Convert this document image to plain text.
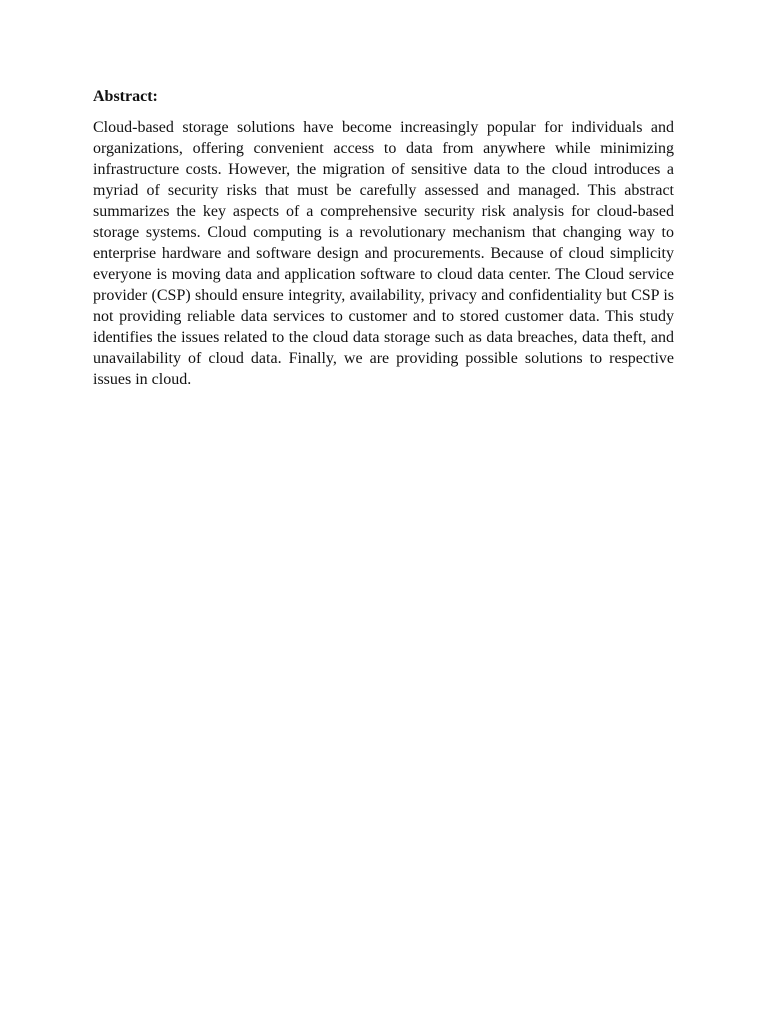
Abstract:

Cloud-based storage solutions have become increasingly popular for individuals and organizations, offering convenient access to data from anywhere while minimizing infrastructure costs. However, the migration of sensitive data to the cloud introduces a myriad of security risks that must be carefully assessed and managed. This abstract summarizes the key aspects of a comprehensive security risk analysis for cloud-based storage systems. Cloud computing is a revolutionary mechanism that changing way to enterprise hardware and software design and procurements. Because of cloud simplicity everyone is moving data and application software to cloud data center. The Cloud service provider (CSP) should ensure integrity, availability, privacy and confidentiality but CSP is not providing reliable data services to customer and to stored customer data. This study identifies the issues related to the cloud data storage such as data breaches, data theft, and unavailability of cloud data. Finally, we are providing possible solutions to respective issues in cloud.
